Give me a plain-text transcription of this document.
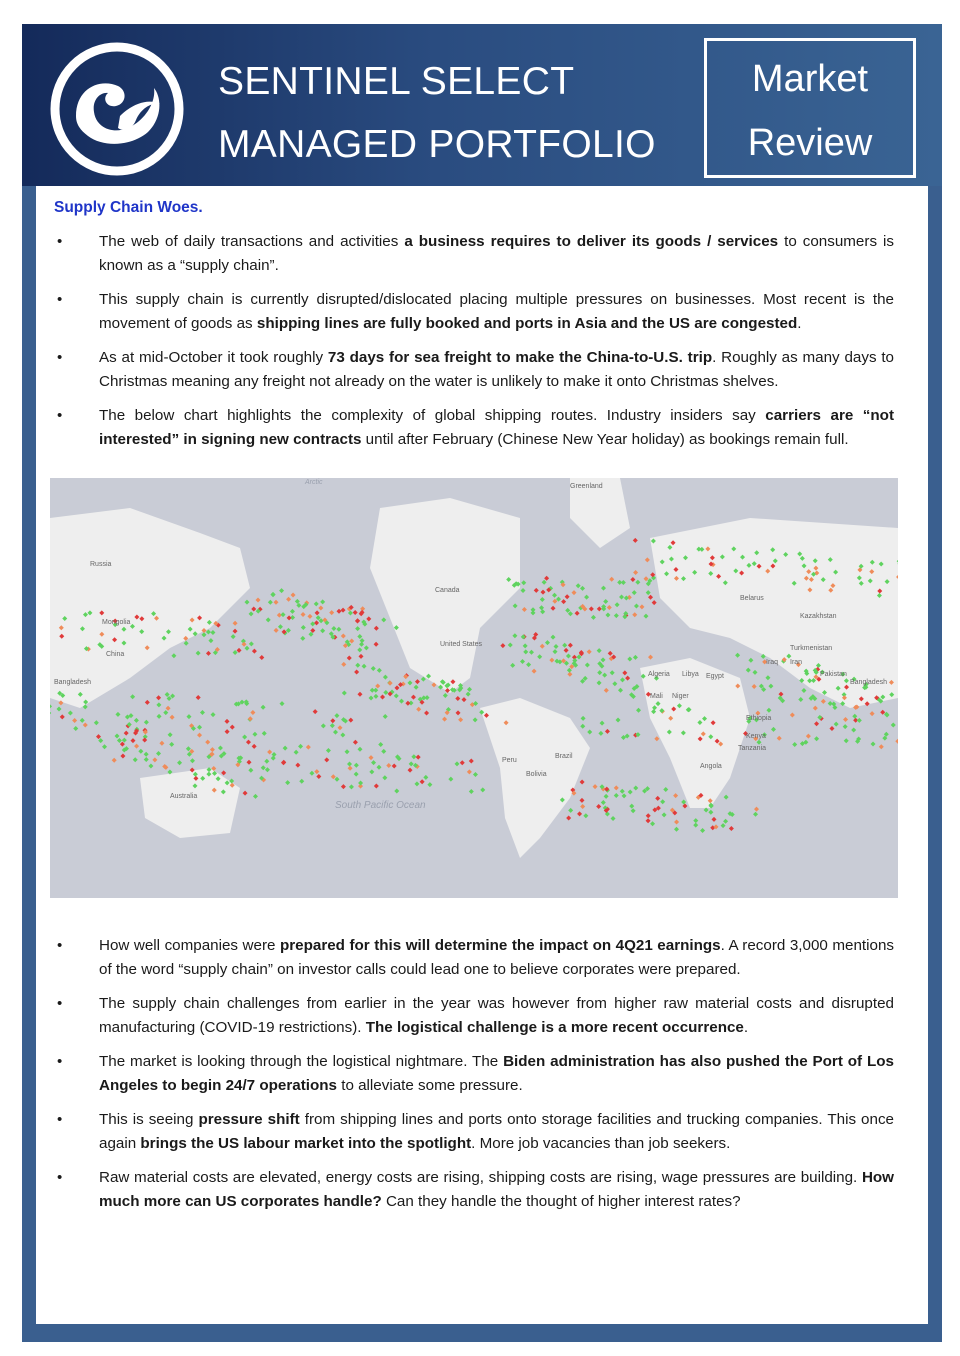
SENTINEL SELECT
MANAGED PORTFOLIO
Market
Review
Supply Chain Woes.
• The web of daily transactions and activities a business requires to deliver its goods / services to consumers is known as a “supply chain”.
• This supply chain is currently disrupted/dislocated placing multiple pressures on businesses. Most recent is the movement of goods as shipping lines are fully booked and ports in Asia and the US are congested.
• As at mid-October it took roughly 73 days for sea freight to make the China-to-U.S. trip. Roughly as many days to Christmas meaning any freight not already on the water is unlikely to make it onto Christmas shelves.
• The below chart highlights the complexity of global shipping routes. Industry insiders say carriers are “not interested” in signing new contracts until after February (Chinese New Year holiday) as bookings remain full.
Greenland
Russia
Mongolia
China
Bangladesh
Canada
United States
Belarus
Kazakhstan
Turkmenistan
Iraq Iran
Pakistan
Bangladesh
Algeria Libya Egypt
Mali Niger
Ethiopia
Kenya
Tanzania
Angola
Brazil
Bolivia
Peru
Australia
South Pacific Ocean
Arctic
• How well companies were prepared for this will determine the impact on 4Q21 earnings. A record 3,000 mentions of the word “supply chain” on investor calls could lead one to believe corporates were prepared.
• The supply chain challenges from earlier in the year was however from higher raw material costs and disrupted manufacturing (COVID-19 restrictions). The logistical challenge is a more recent occurrence.
• The market is looking through the logistical nightmare. The Biden administration has also pushed the Port of Los Angeles to begin 24/7 operations to alleviate some pressure.
• This is seeing pressure shift from shipping lines and ports onto storage facilities and trucking companies. This once again brings the US labour market into the spotlight. More job vacancies than job seekers.
• Raw material costs are elevated, energy costs are rising, shipping costs are rising, wage pressures are building. How much more can US corporates handle? Can they handle the thought of higher interest rates?
